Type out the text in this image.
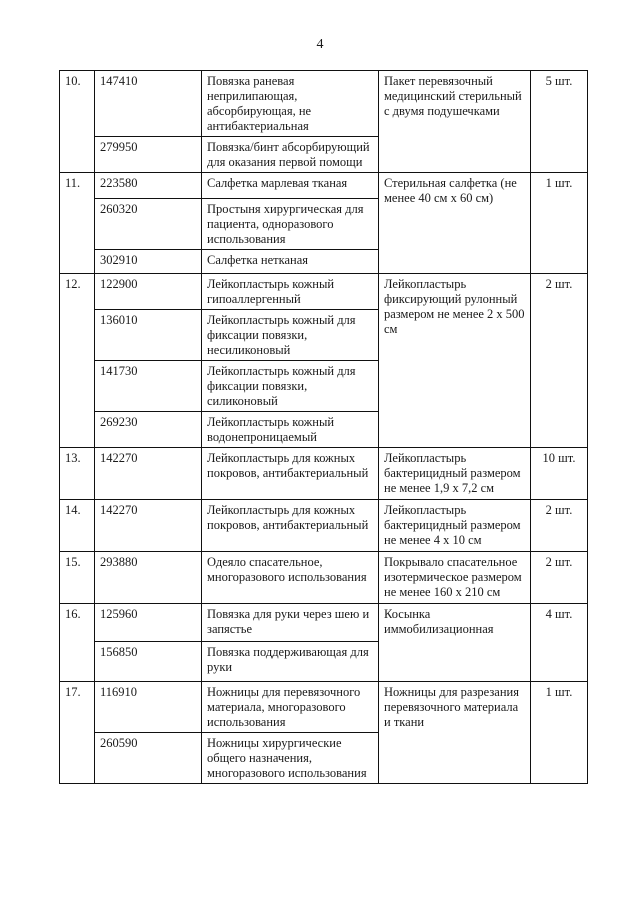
4
10.	147410	Повязка раневая неприлипающая, абсорбирующая, не антибактериальная	Пакет перевязочный медицинский стерильный с двумя подушечками	5 шт.
	279950	Повязка/бинт абсорбирующий для оказания первой помощи		
11.	223580	Салфетка марлевая тканая	Стерильная салфетка (не менее 40 см х 60 см)	1 шт.
	260320	Простыня хирургическая для пациента, одноразового использования		
	302910	Салфетка нетканая		
12.	122900	Лейкопластырь кожный гипоаллергенный	Лейкопластырь фиксирующий рулонный размером не менее 2 х 500 см	2 шт.
	136010	Лейкопластырь кожный для фиксации повязки, несиликоновый		
	141730	Лейкопластырь кожный для фиксации повязки, силиконовый		
	269230	Лейкопластырь кожный водонепроницаемый		
13.	142270	Лейкопластырь для кожных покровов, антибактериальный	Лейкопластырь бактерицидный размером не менее 1,9 х 7,2 см	10 шт.
14.	142270	Лейкопластырь для кожных покровов, антибактериальный	Лейкопластырь бактерицидный размером не менее 4 х 10 см	2 шт.
15.	293880	Одеяло спасательное, многоразового использования	Покрывало спасательное изотермическое размером не менее 160 х 210 см	2 шт.
16.	125960	Повязка для руки через шею и запястье	Косынка иммобилизационная	4 шт.
	156850	Повязка поддерживающая для руки		
17.	116910	Ножницы для перевязочного материала, многоразового использования	Ножницы для разрезания перевязочного материала и ткани	1 шт.
	260590	Ножницы хирургические общего назначения, многоразового использования		
